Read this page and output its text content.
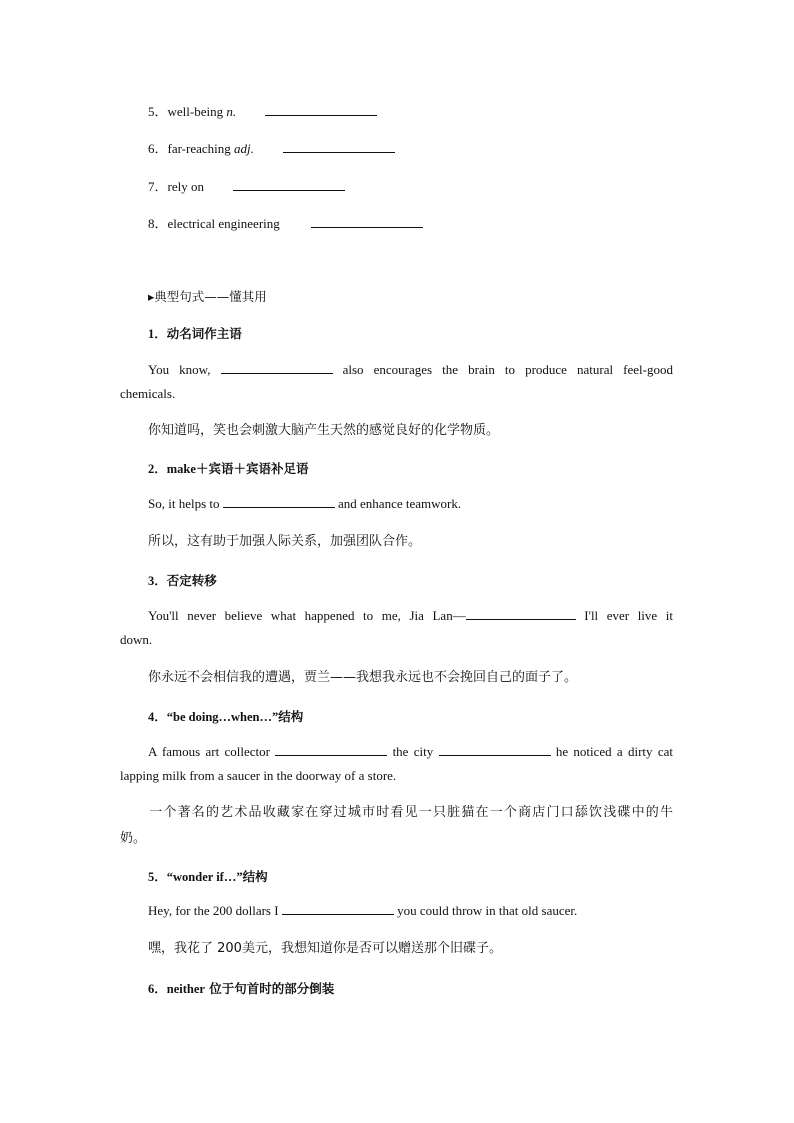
5．well-being n.
6．far-reaching adj.
7．rely on
8．electrical engineering
▸典型句式——懂其用
1．动名词作主语
You know,	also encourages the brain to produce natural feel-good
chemicals.
你知道吗，笑也会刺激大脑产生天然的感觉良好的化学物质。
2．make＋宾语＋宾语补足语
So, it helps to	and enhance teamwork.
所以，这有助于加强人际关系，加强团队合作。
3．否定转移
You'll never believe what happened to me, Jia Lan—	I'll ever live it
down.
你永远不会相信我的遭遇，贾兰——我想我永远也不会挽回自己的面子了。
4．“be doing…when…”结构
A famous art collector	the city	he noticed a dirty cat
lapping milk from a saucer in the doorway of a store.
一个著名的艺术品收藏家在穿过城市时看见一只脏猫在一个商店门口舔饮浅碟中的牛
奶。
5．“wonder if…”结构
Hey, for the 200 dollars I	you could throw in that old saucer.
嘿，我花了 200美元，我想知道你是否可以赠送那个旧碟子。
6．neither 位于句首时的部分倒装
